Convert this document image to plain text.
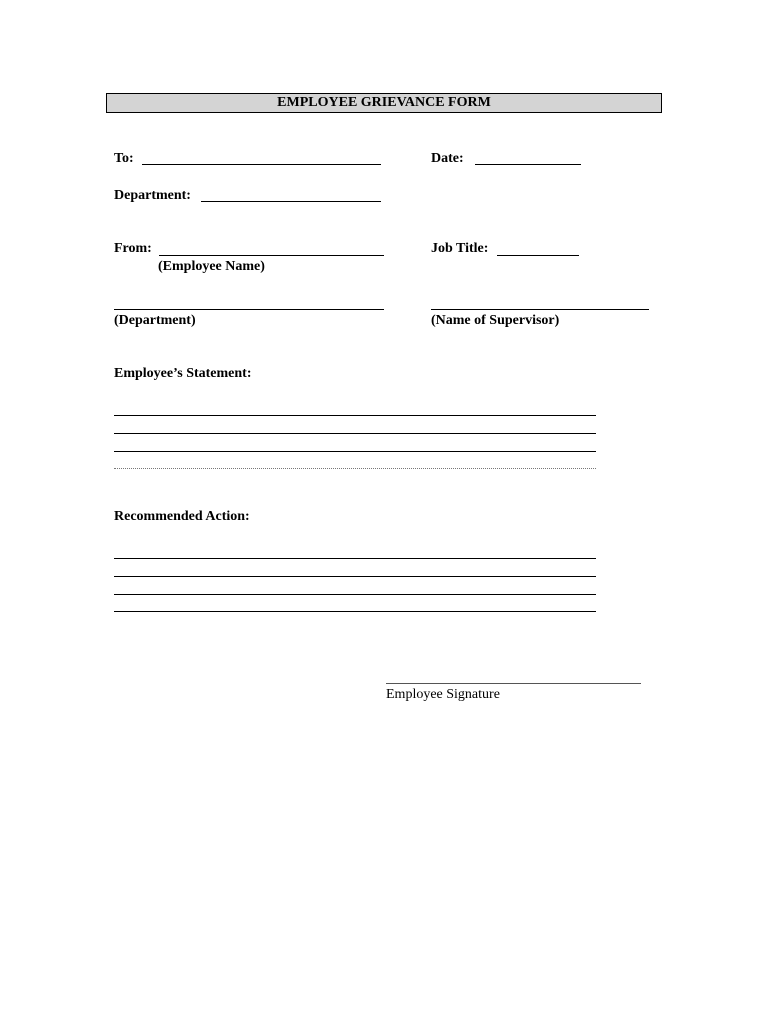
EMPLOYEE GRIEVANCE FORM
To:	Date:
Department:
From:
(Employee Name)
Job Title:
(Department)	(Name of Supervisor)
Employee’s Statement:
Recommended Action:
Employee Signature
